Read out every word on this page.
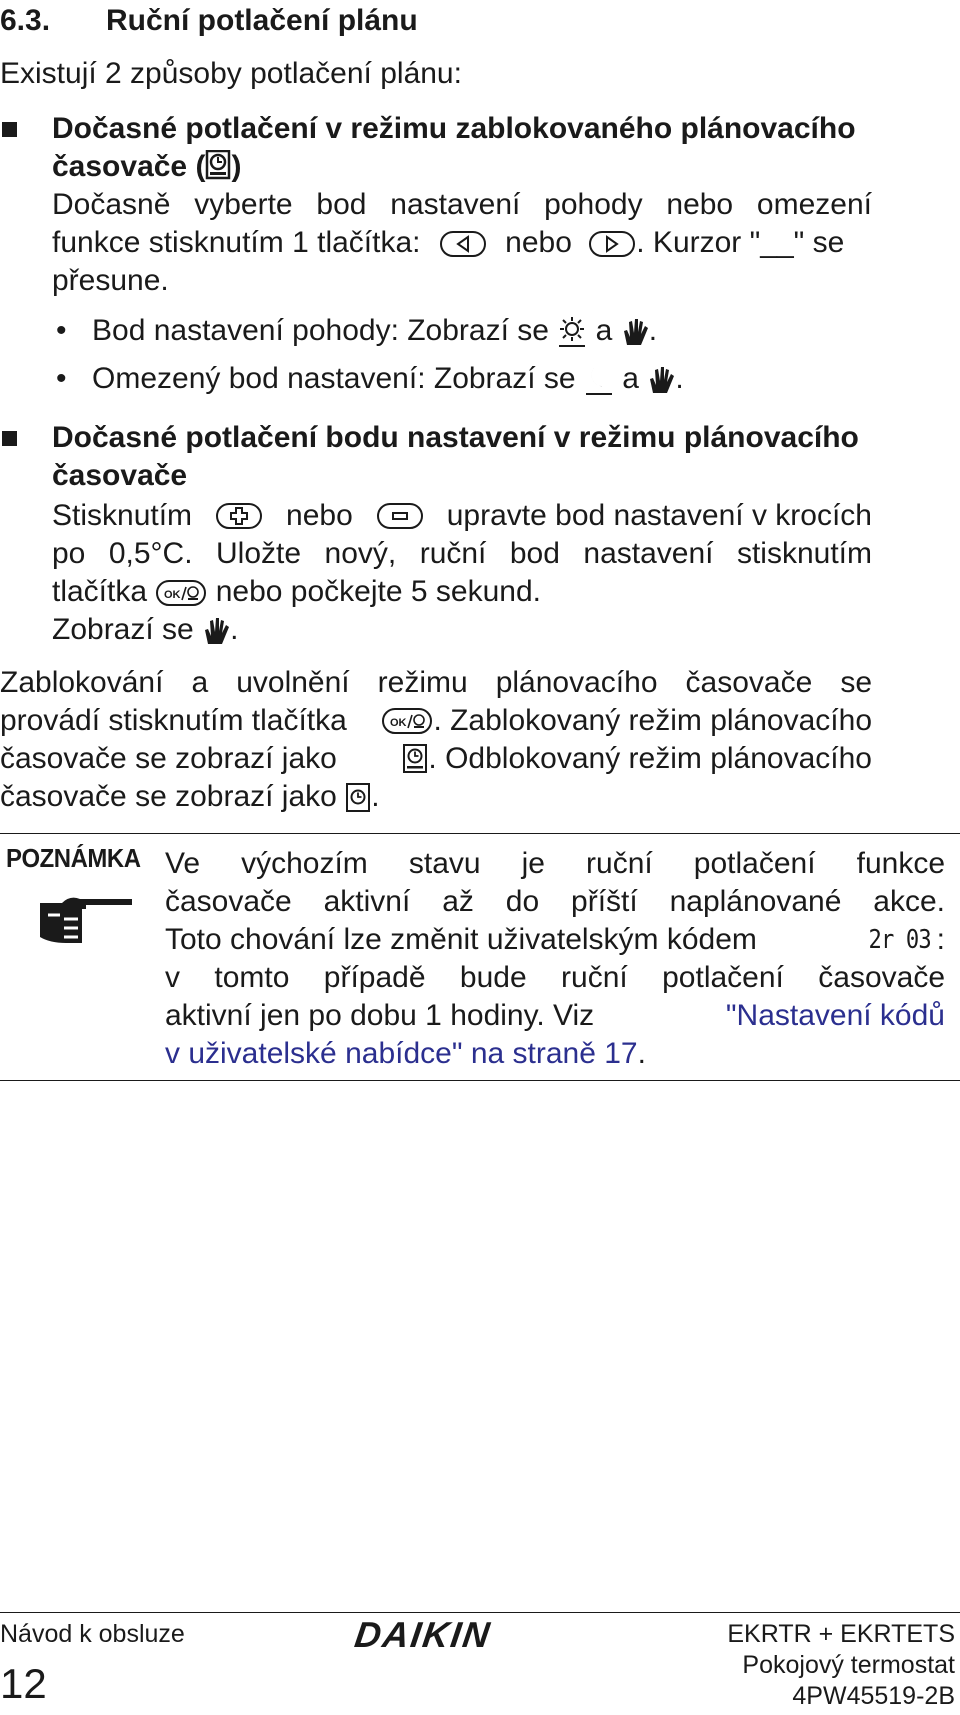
6.3. Ruční potlačení plánu
Existují 2 způsoby potlačení plánu:
Dočasné potlačení v režimu zablokovaného plánovacího
časovače ( )
Dočasně vyberte bod nastavení pohody nebo omezení
funkce stisknutím 1 tlačítka:	nebo . Kurzor "__" se
přesune.
• Bod nastavení pohody: Zobrazí se a .
• Omezený bod nastavení: Zobrazí se a .
Dočasné potlačení bodu nastavení v režimu plánovacího
časovače
Stisknutím	nebo	upravte bod nastavení v krocích
po 0,5°C. Uložte nový, ruční bod nastavení stisknutím
tlačítka OK nebo počkejte 5 sekund.
Zobrazí se .
Zablokování a uvolnění režimu plánovacího časovače se
provádí stisknutím tlačítka	OK . Zablokovaný režim plánovacího
časovače se zobrazí jako	. Odblokovaný režim plánovacího
časovače se zobrazí jako .
POZNÁMKA Ve výchozím stavu je ruční potlačení funkce
časovače aktivní až do příští naplánované akce.
Toto chování lze změnit uživatelským kódem	2r 03 :
v tomto případě bude ruční potlačení časovače
aktivní jen po dobu 1 hodiny. Viz	"Nastavení kódů
v uživatelské nabídce" na straně 17.
Návod k obsluze	DAIKIN	EKRTR + EKRTETS
Pokojový termostat
12	4PW45519-2B
